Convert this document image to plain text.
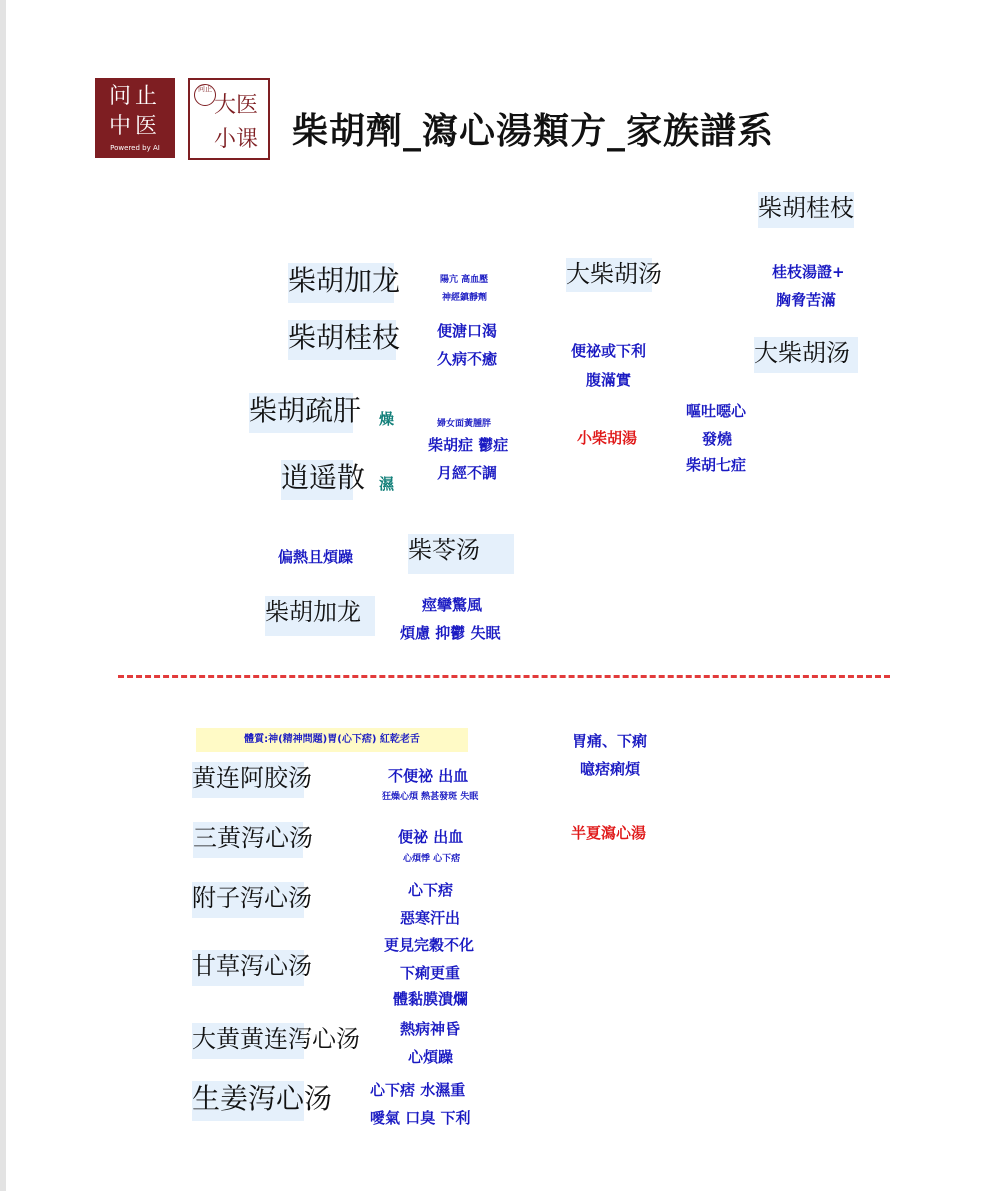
问止
中医
Powered by AI
问止
大医
小课 柴胡劑_瀉心湯類方_家族譜系
柴胡桂枝
桂枝湯證+
胸脅苦滿
大柴胡汤
柴胡加龙	陽亢 高血壓
神經鎮靜劑
大柴胡汤
柴胡桂枝 便溏口渴
久病不癒	便祕或下利
腹滿實
柴胡疏肝 燥	婦女面黃腫胖
柴胡症 鬱症
月經不調
小柴胡湯
嘔吐噁心
發燒
柴胡七症
逍遥散 濕
偏熱且煩躁 柴苓汤
柴胡加龙	痙攣驚風
煩慮 抑鬱 失眠
體質:神(精神問題)胃(心下痞) 紅乾老舌	胃痛、下痢
噫痞痢煩
半夏瀉心湯
黄连阿胶汤	不便祕 出血
狂燥心煩 熱甚發斑 失眠
三黄泻心汤	便祕 出血
心煩悸 心下痞
附子泻心汤	心下痞
惡寒汗出
更見完穀不化
甘草泻心汤	下痢更重
體黏膜潰爛
熱病神昏
大黄黄连泻心汤
心煩躁
生姜泻心汤	心下痞 水濕重
噯氣 口臭 下利
